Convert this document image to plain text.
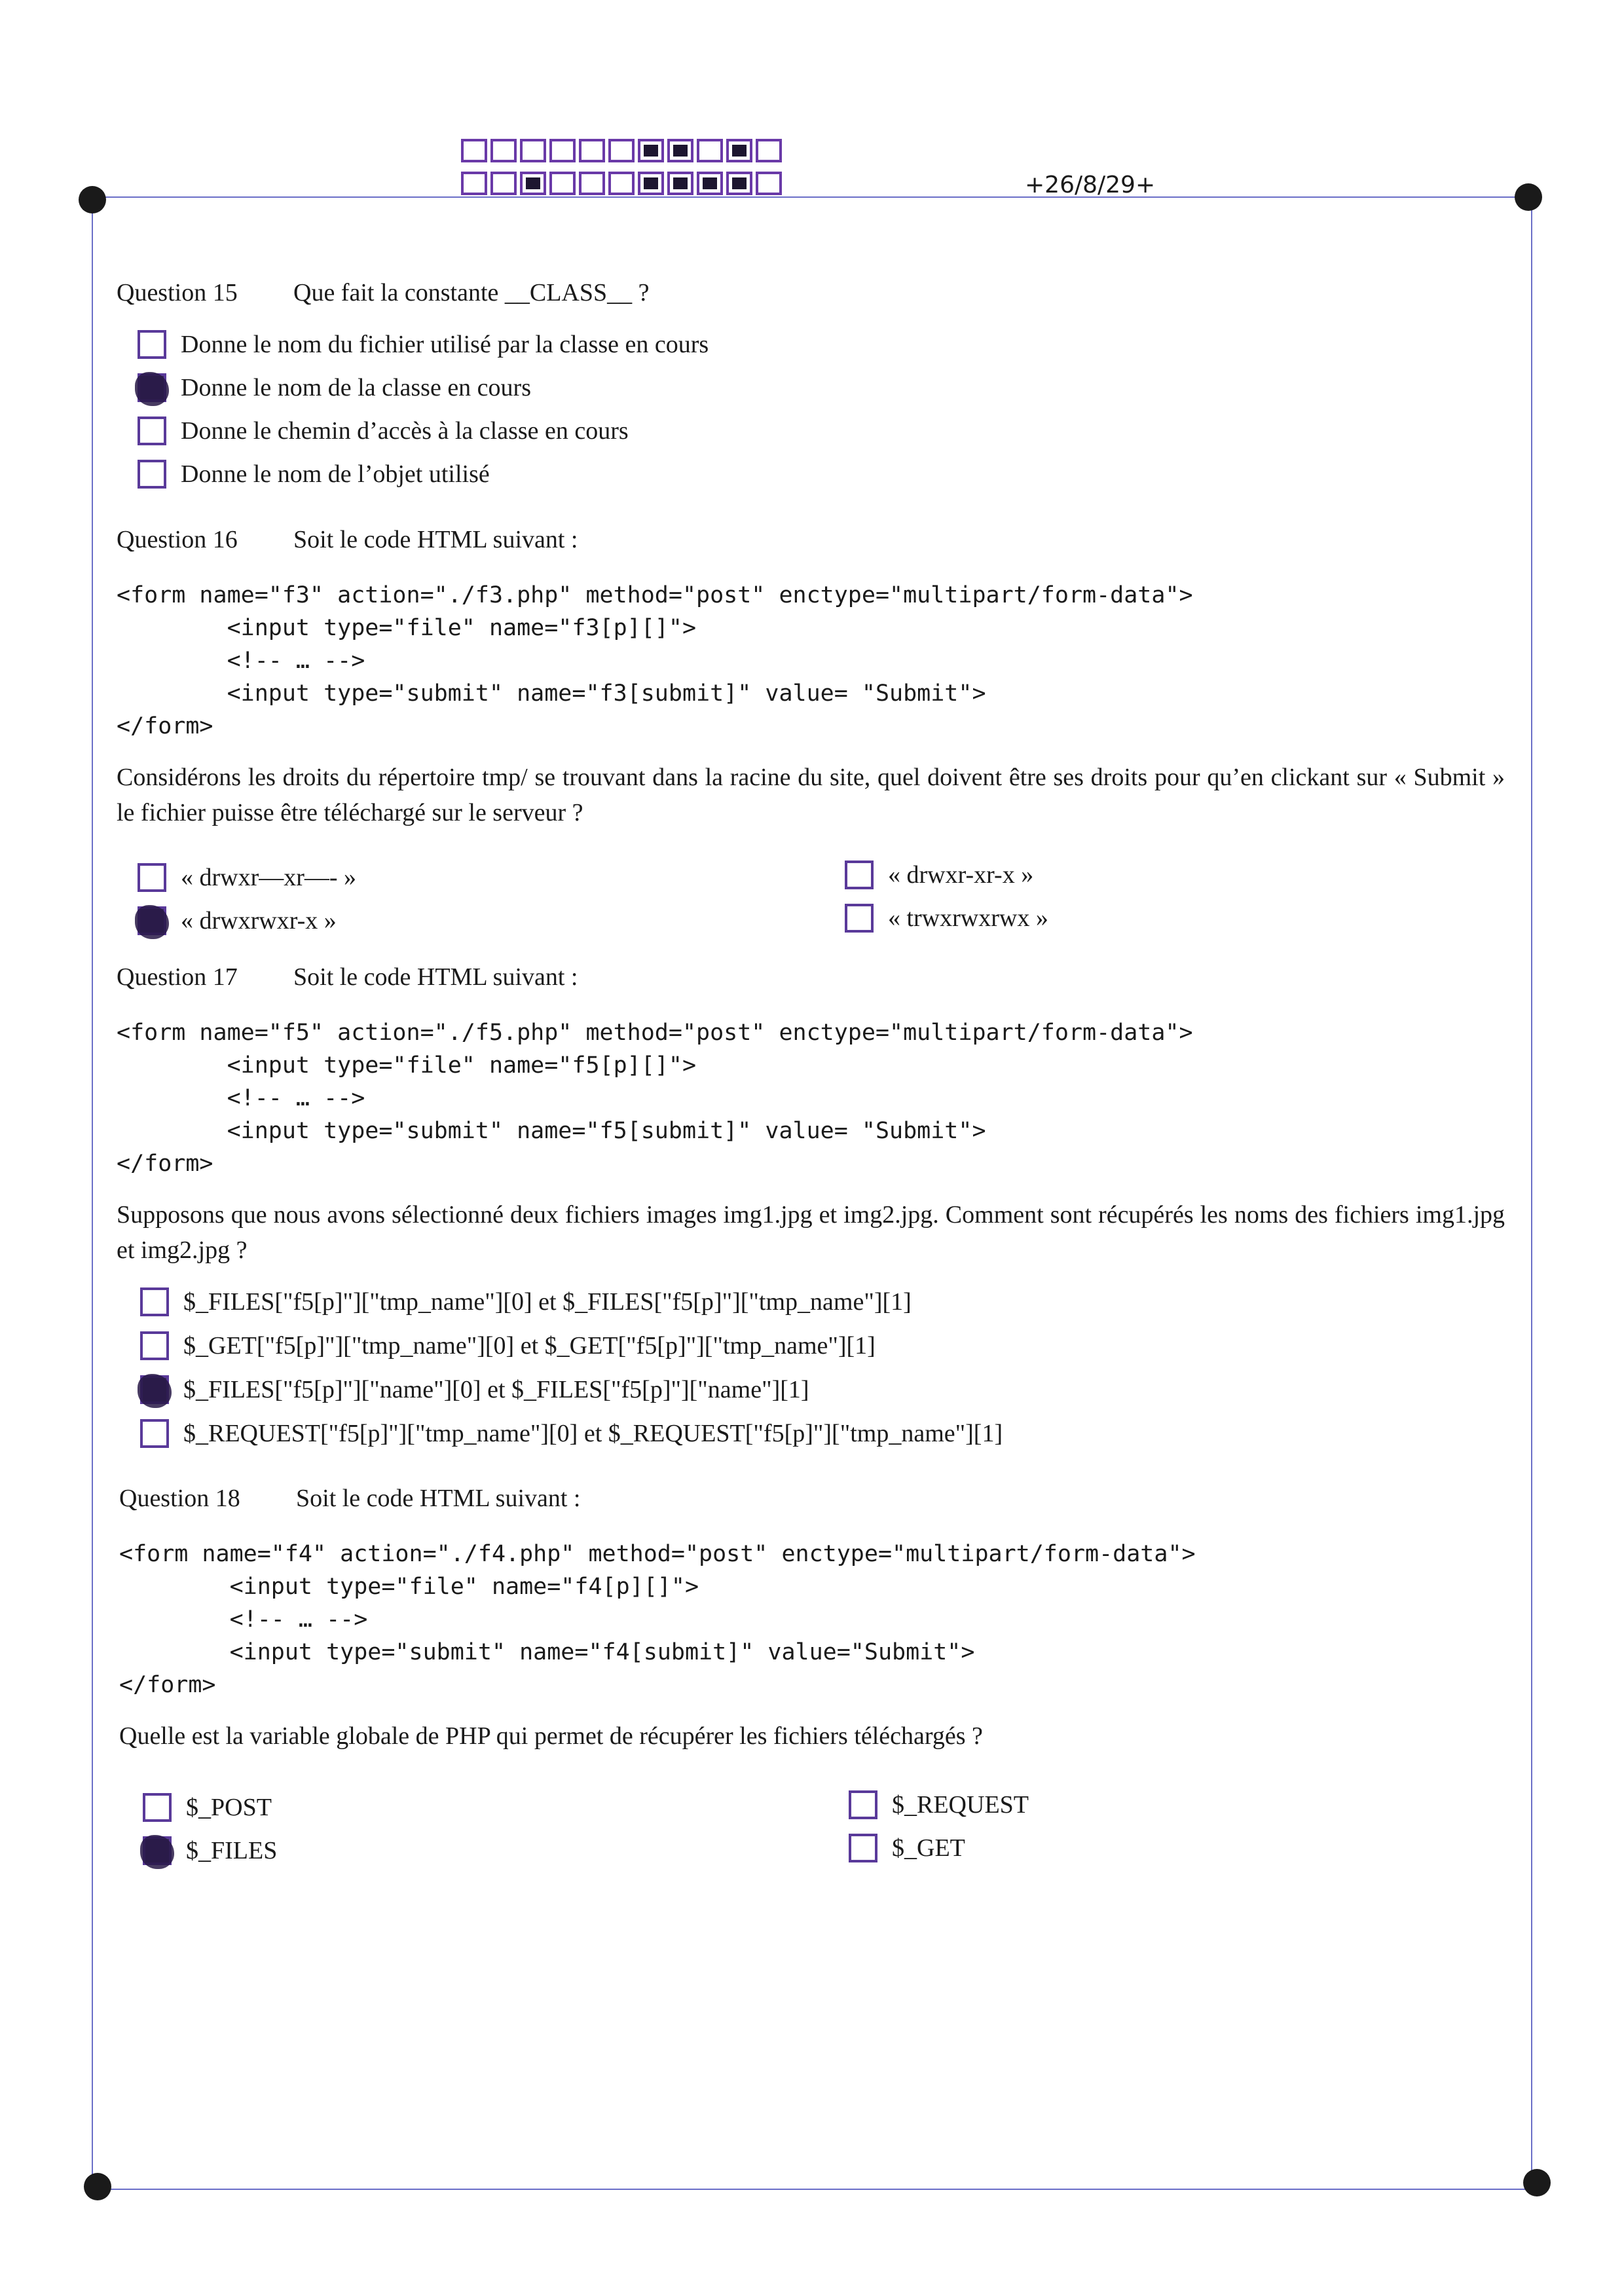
+26/8/29+
Question 15 Que fait la constante __CLASS__ ?
Donne le nom du fichier utilisé par la classe en cours
Donne le nom de la classe en cours
Donne le chemin d’accès à la classe en cours
Donne le nom de l’objet utilisé
Question 16 Soit le code HTML suivant :
<form name="f3" action="./f3.php" method="post" enctype="multipart/form-data">
<input type="file" name="f3[p][]">
<!-- … -->
<input type="submit" name="f3[submit]" value= "Submit">
</form>
Considérons les droits du répertoire tmp/ se trouvant dans la racine du site, quel doivent être ses droits pour qu’en clickant sur « Submit » le fichier puisse être téléchargé sur le serveur ?
« drwxr—xr—- »	« drwxr-xr-x »
« drwxrwxr-x »	« trwxrwxrwx »
Question 17 Soit le code HTML suivant :
<form name="f5" action="./f5.php" method="post" enctype="multipart/form-data">
<input type="file" name="f5[p][]">
<!-- … -->
<input type="submit" name="f5[submit]" value= "Submit">
</form>
Supposons que nous avons sélectionné deux fichiers images img1.jpg et img2.jpg. Comment sont récupérés les noms des fichiers img1.jpg et img2.jpg ?
$_FILES["f5[p]"]["tmp_name"][0] et $_FILES["f5[p]"]["tmp_name"][1]
$_GET["f5[p]"]["tmp_name"][0] et $_GET["f5[p]"]["tmp_name"][1]
$_FILES["f5[p]"]["name"][0] et $_FILES["f5[p]"]["name"][1]
$_REQUEST["f5[p]"]["tmp_name"][0] et $_REQUEST["f5[p]"]["tmp_name"][1]
Question 18 Soit le code HTML suivant :
<form name="f4" action="./f4.php" method="post" enctype="multipart/form-data">
<input type="file" name="f4[p][]">
<!-- … -->
<input type="submit" name="f4[submit]" value="Submit">
</form>
Quelle est la variable globale de PHP qui permet de récupérer les fichiers téléchargés ?
$_POST	$_REQUEST
$_FILES	$_GET
